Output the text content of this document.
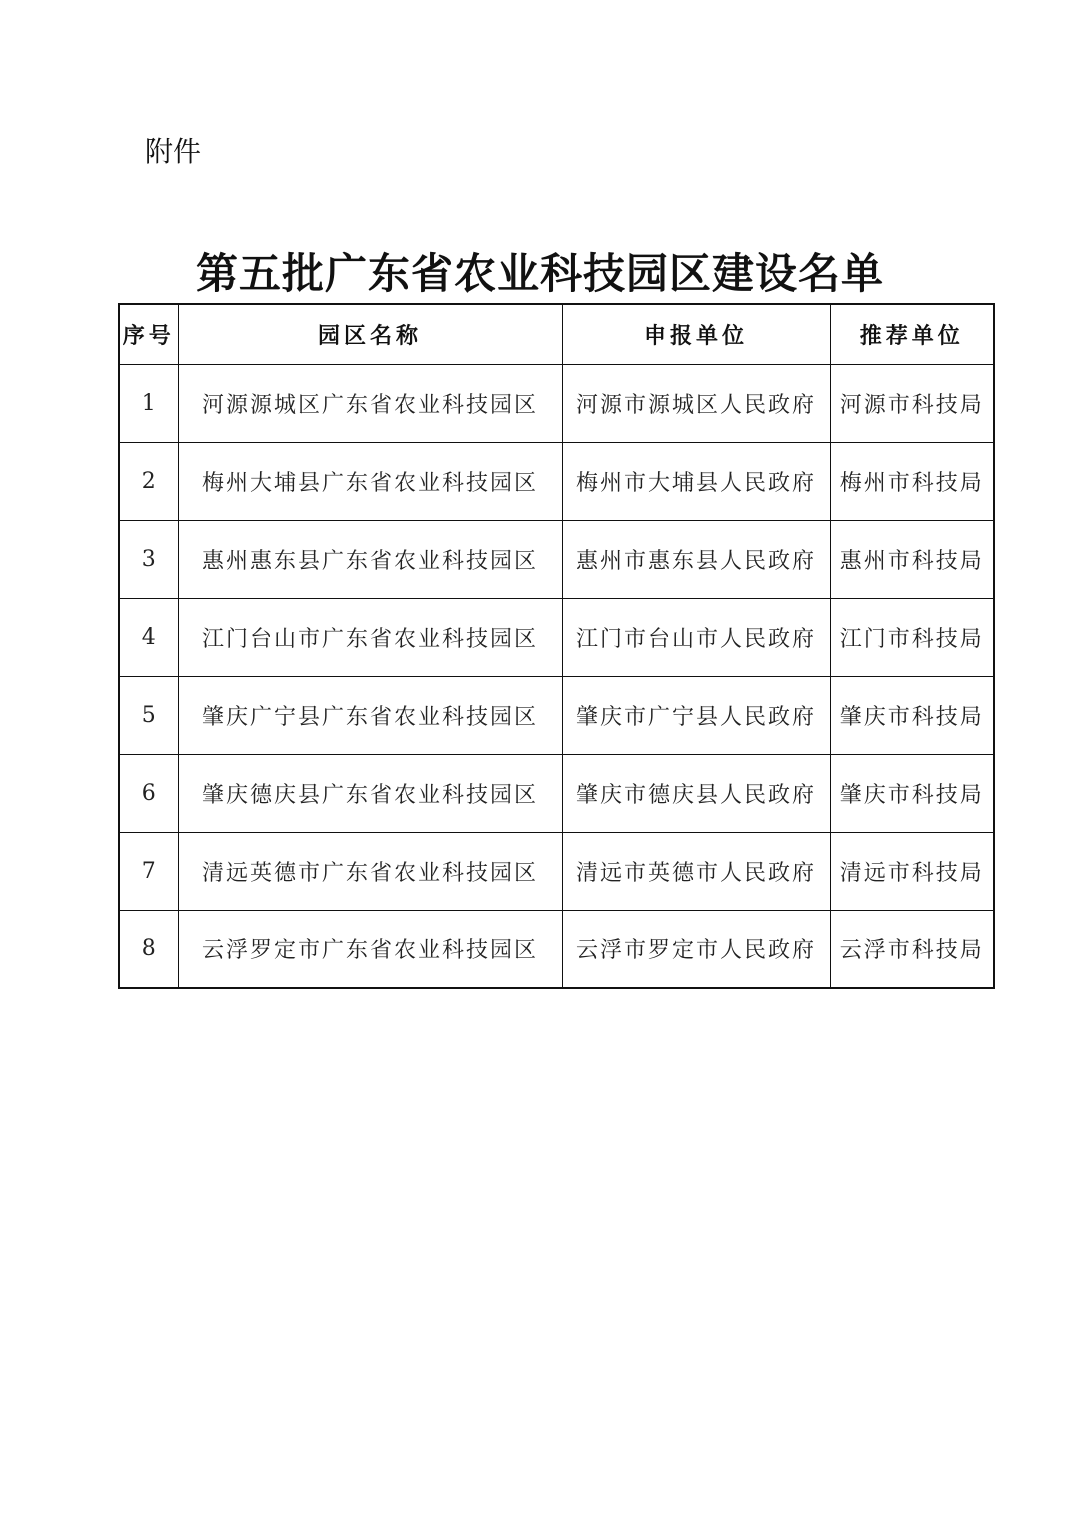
附件
第五批广东省农业科技园区建设名单
序号	园区名称	申报单位	推荐单位
1	河源源城区广东省农业科技园区	河源市源城区人民政府	河源市科技局
2	梅州大埔县广东省农业科技园区	梅州市大埔县人民政府	梅州市科技局
3	惠州惠东县广东省农业科技园区	惠州市惠东县人民政府	惠州市科技局
4	江门台山市广东省农业科技园区	江门市台山市人民政府	江门市科技局
5	肇庆广宁县广东省农业科技园区	肇庆市广宁县人民政府	肇庆市科技局
6	肇庆德庆县广东省农业科技园区	肇庆市德庆县人民政府	肇庆市科技局
7	清远英德市广东省农业科技园区	清远市英德市人民政府	清远市科技局
8	云浮罗定市广东省农业科技园区	云浮市罗定市人民政府	云浮市科技局
